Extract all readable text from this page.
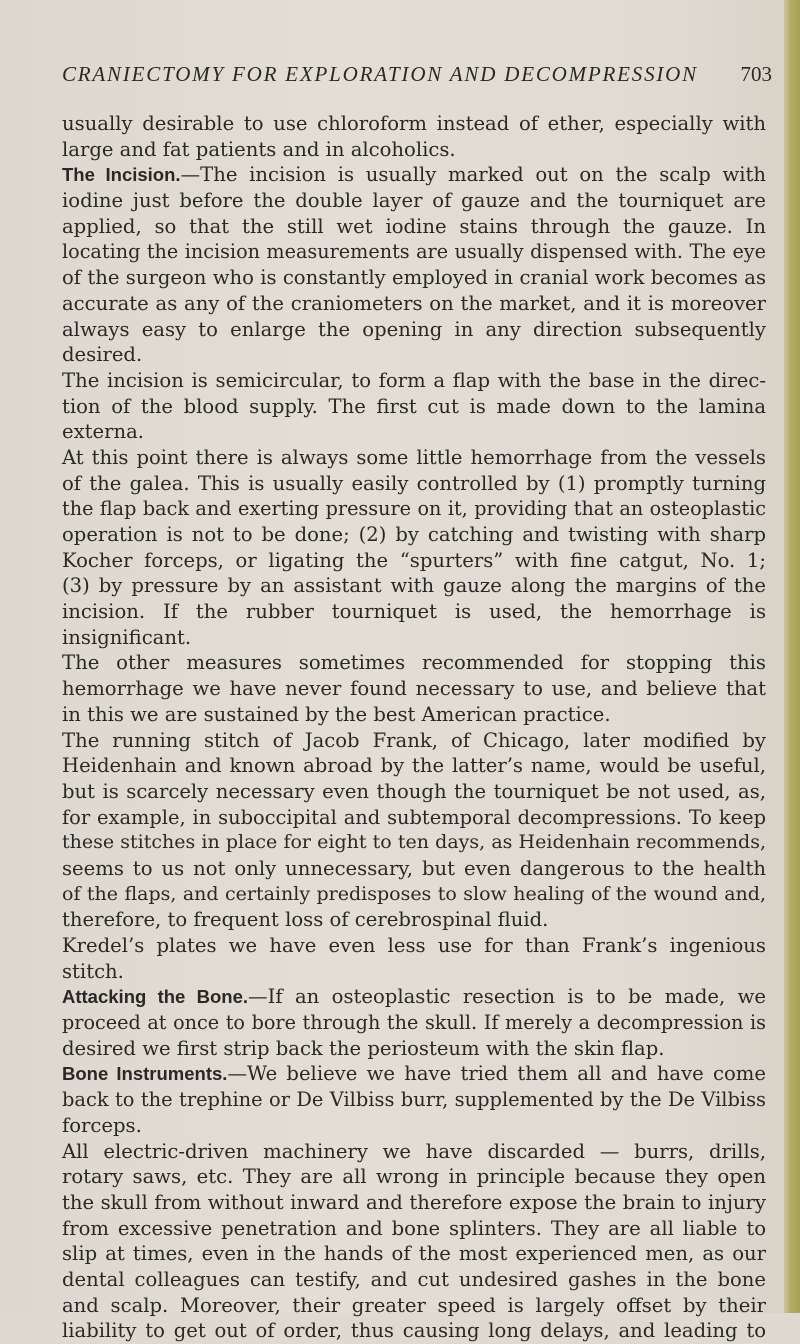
CRANIECTOMY FOR EXPLORATION AND DECOMPRESSION 703
usually desirable to use chloroform instead of ether, especially with
large and fat patients and in alcoholics.
The Incision.—The incision is usually marked out on the scalp with
iodine just before the double layer of gauze and the tourniquet are
applied, so that the still wet iodine stains through the gauze. In
locating the incision measurements are usually dispensed with. The eye
of the surgeon who is constantly employed in cranial work becomes as
accurate as any of the craniometers on the market, and it is moreover
always easy to enlarge the opening in any direction subsequently
desired.
The incision is semicircular, to form a flap with the base in the direc-
tion of the blood supply. The first cut is made down to the lamina
externa.
At this point there is always some little hemorrhage from the vessels
of the galea. This is usually easily controlled by (1) promptly turning
the flap back and exerting pressure on it, providing that an osteoplastic
operation is not to be done; (2) by catching and twisting with sharp
Kocher forceps, or ligating the “spurters” with fine catgut, No. 1;
(3) by pressure by an assistant with gauze along the margins of the
incision. If the rubber tourniquet is used, the hemorrhage is
insignificant.
The other measures sometimes recommended for stopping this
hemorrhage we have never found necessary to use, and believe that
in this we are sustained by the best American practice.
The running stitch of Jacob Frank, of Chicago, later modified by
Heidenhain and known abroad by the latter’s name, would be useful,
but is scarcely necessary even though the tourniquet be not used, as,
for example, in suboccipital and subtemporal decompressions. To keep
these stitches in place for eight to ten days, as Heidenhain recommends,
seems to us not only unnecessary, but even dangerous to the health
of the flaps, and certainly predisposes to slow healing of the wound and,
therefore, to frequent loss of cerebrospinal fluid.
Kredel’s plates we have even less use for than Frank’s ingenious
stitch.
Attacking the Bone.—If an osteoplastic resection is to be made, we
proceed at once to bore through the skull. If merely a decompression is
desired we first strip back the periosteum with the skin flap.
Bone Instruments.—We believe we have tried them all and have come
back to the trephine or De Vilbiss burr, supplemented by the De Vilbiss
forceps.
All electric-driven machinery we have discarded — burrs, drills,
rotary saws, etc. They are all wrong in principle because they open
the skull from without inward and therefore expose the brain to injury
from excessive penetration and bone splinters. They are all liable to
slip at times, even in the hands of the most experienced men, as our
dental colleagues can testify, and cut undesired gashes in the bone
and scalp. Moreover, their greater speed is largely offset by their
liability to get out of order, thus causing long delays, and leading to
